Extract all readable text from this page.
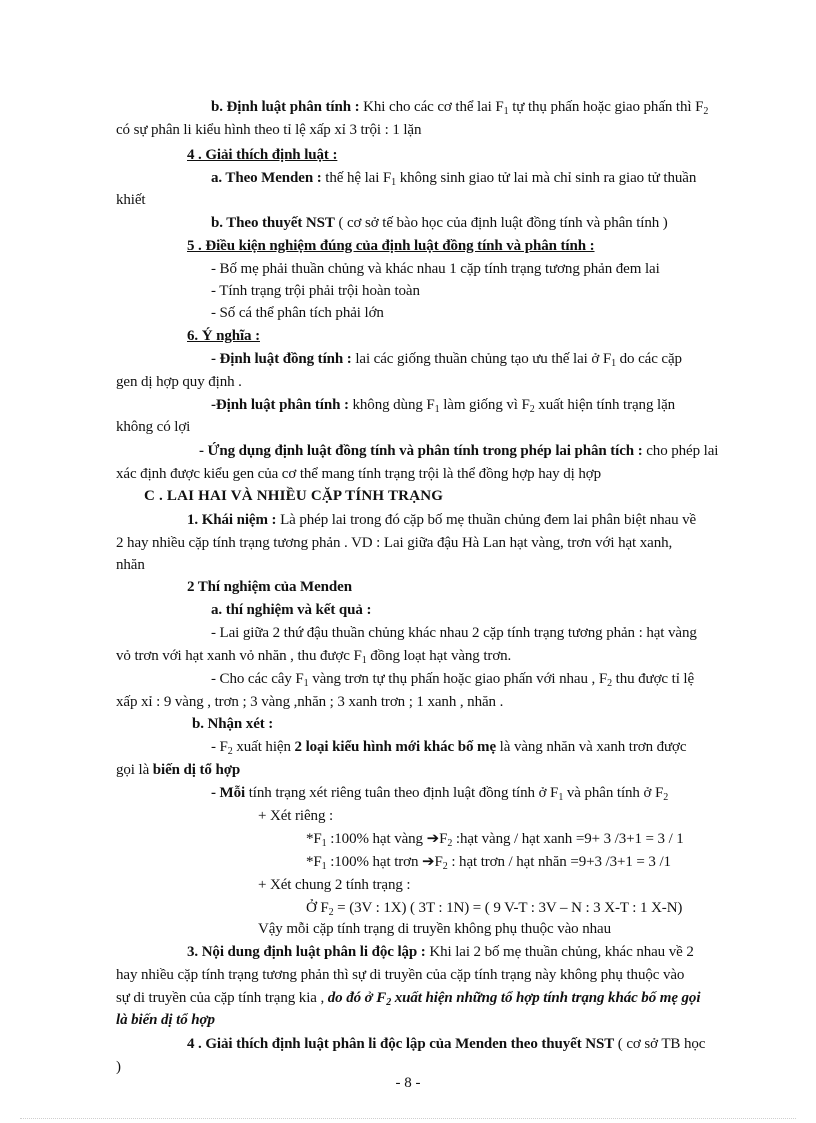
b. Định luật phân tính : Khi cho các cơ thể lai $F_1$ tự thụ phấn hoặc giao phấn thì $F_2$
có sự phân li kiểu hình theo tỉ lệ xấp xỉ 3 trội : 1 lặn
4 . Giải thích định luật :
a. Theo Menden : thế hệ lai $F_1$ không sinh giao tử lai mà chỉ sinh ra giao tử thuần
khiết
b. Theo thuyết NST ( cơ sở tế bào học của định luật đồng tính và phân tính )
5 . Điều kiện nghiệm đúng của định luật đồng tính và phân tính :
- Bố mẹ phải thuần chủng và khác nhau 1 cặp tính trạng tương phản đem lai
- Tính trạng trội phải trội hoàn toàn
- Số cá thể phân tích phải lớn
6. Ý nghĩa :
- Định luật đồng tính : lai các giống thuần chủng tạo ưu thế lai ở $F_1$ do các cặp
gen dị hợp quy định .
-Định luật phân tính : không dùng $F_1$ làm giống vì $F_2$ xuất hiện tính trạng lặn
không có lợi
- Ứng dụng định luật đồng tính và phân tính trong phép lai phân tích : cho phép lai
xác định được kiểu gen của cơ thể mang tính trạng trội là thể đồng hợp hay dị hợp
C . LAI HAI VÀ NHIỀU CẶP TÍNH TRẠNG
1. Khái niệm : Là phép lai trong đó cặp bố mẹ thuần chủng đem lai phân biệt nhau về
2 hay nhiều cặp tính trạng tương phản . VD : Lai giữa đậu Hà Lan hạt vàng, trơn với hạt xanh,
nhăn
2 Thí nghiệm của Menden
a. thí nghiệm và kết quả :
- Lai giữa 2 thứ đậu thuần chủng khác nhau 2 cặp tính trạng tương phản : hạt vàng
vỏ trơn với hạt xanh vỏ nhăn , thu được $F_1$ đồng loạt hạt vàng trơn.
- Cho các cây $F_1$ vàng trơn tự thụ phấn hoặc giao phấn với nhau , $F_2$ thu được tỉ lệ
xấp xỉ : 9 vàng , trơn ; 3 vàng ,nhăn ; 3 xanh trơn ; 1 xanh , nhăn .
b. Nhận xét :
- $F_2$ xuất hiện 2 loại kiểu hình mới khác bố mẹ là vàng nhăn và xanh trơn được
gọi là biến dị tổ hợp
- Mỗi tính trạng xét riêng tuân theo định luật đồng tính ở $F_1$ và phân tính ở $F_2$
+ Xét riêng :
$*F_1$ :100% hạt vàng $➔F_2$ :hạt vàng / hạt xanh =9+ 3 /3+1 = 3 / 1
$*F_1$ :100% hạt trơn $➔F_2$ : hạt trơn / hạt nhăn =9+3 /3+1 = 3 /1
+ Xét chung 2 tính trạng :
Ở $F_2 = (3V$ : 1X) ( 3T : 1N) = ( 9 V-T : 3V – N : 3 X-T : 1 X-N)
Vậy mỗi cặp tính trạng di truyền không phụ thuộc vào nhau
3. Nội dung định luật phân li độc lập : Khi lai 2 bố mẹ thuần chủng, khác nhau về 2
hay nhiều cặp tính trạng tương phản thì sự di truyền của cặp tính trạng này không phụ thuộc vào
sự di truyền của cặp tính trạng kia , do đó ở $F_2$ xuất hiện những tổ hợp tính trạng khác bố mẹ gọi
là biến dị tổ hợp
4 . Giải thích định luật phân li độc lập của Menden theo thuyết NST ( cơ sở TB học
)
- 8 -
